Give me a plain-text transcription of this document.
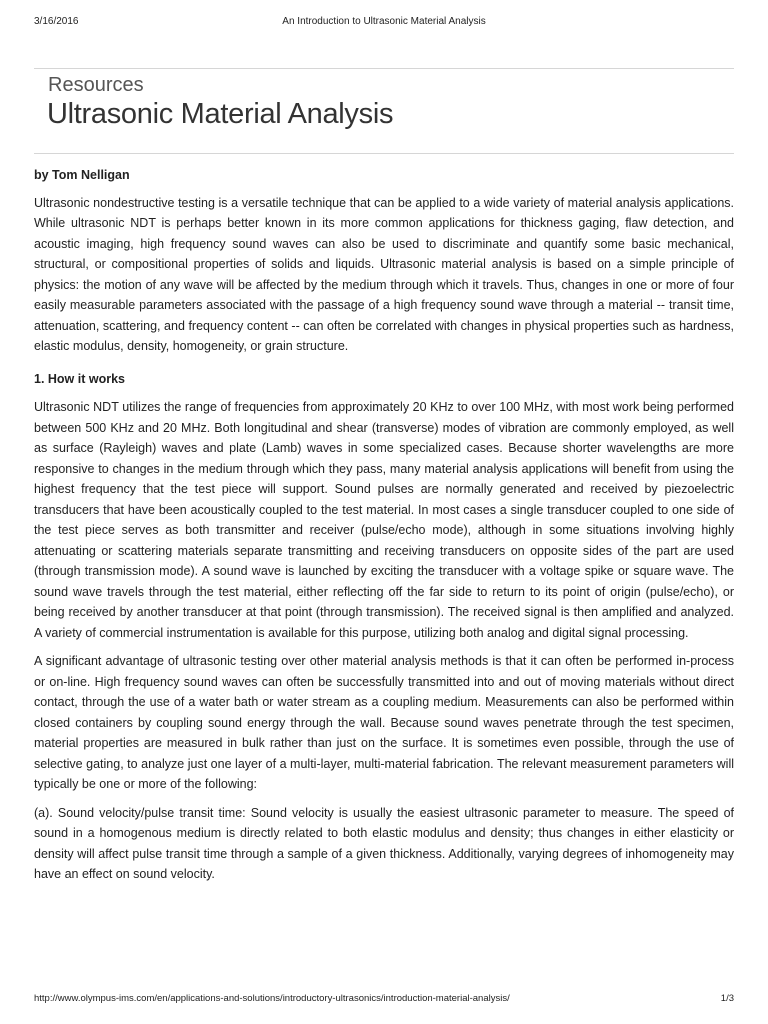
3/16/2016	An Introduction to Ultrasonic Material Analysis
Resources
Ultrasonic Material Analysis

by Tom Nelligan

Ultrasonic nondestructive testing is a versatile technique that can be applied to a wide variety of material analysis applications. While ultrasonic NDT is perhaps better known in its more common applications for thickness gaging, flaw detection, and acoustic imaging, high frequency sound waves can also be used to discriminate and quantify some basic mechanical, structural, or compositional properties of solids and liquids. Ultrasonic material analysis is based on a simple principle of physics: the motion of any wave will be affected by the medium through which it travels. Thus, changes in one or more of four easily measurable parameters associated with the passage of a high frequency sound wave through a material -- transit time, attenuation, scattering, and frequency content -- can often be correlated with changes in physical properties such as hardness, elastic modulus, density, homogeneity, or grain structure.

1. How it works

Ultrasonic NDT utilizes the range of frequencies from approximately 20 KHz to over 100 MHz, with most work being performed between 500 KHz and 20 MHz. Both longitudinal and shear (transverse) modes of vibration are commonly employed, as well as surface (Rayleigh) waves and plate (Lamb) waves in some specialized cases. Because shorter wavelengths are more responsive to changes in the medium through which they pass, many material analysis applications will benefit from using the highest frequency that the test piece will support. Sound pulses are normally generated and received by piezoelectric transducers that have been acoustically coupled to the test material. In most cases a single transducer coupled to one side of the test piece serves as both transmitter and receiver (pulse/echo mode), although in some situations involving highly attenuating or scattering materials separate transmitting and receiving transducers on opposite sides of the part are used (through transmission mode). A sound wave is launched by exciting the transducer with a voltage spike or square wave. The sound wave travels through the test material, either reflecting off the far side to return to its point of origin (pulse/echo), or being received by another transducer at that point (through transmission). The received signal is then amplified and analyzed. A variety of commercial instrumentation is available for this purpose, utilizing both analog and digital signal processing.

A significant advantage of ultrasonic testing over other material analysis methods is that it can often be performed in-process or on-line. High frequency sound waves can often be successfully transmitted into and out of moving materials without direct contact, through the use of a water bath or water stream as a coupling medium. Measurements can also be performed within closed containers by coupling sound energy through the wall. Because sound waves penetrate through the test specimen, material properties are measured in bulk rather than just on the surface. It is sometimes even possible, through the use of selective gating, to analyze just one layer of a multi-layer, multi-material fabrication. The relevant measurement parameters will typically be one or more of the following:

(a). Sound velocity/pulse transit time: Sound velocity is usually the easiest ultrasonic parameter to measure. The speed of sound in a homogenous medium is directly related to both elastic modulus and density; thus changes in either elasticity or density will affect pulse transit time through a sample of a given thickness. Additionally, varying degrees of inhomogeneity may have an effect on sound velocity.

http://www.olympus-ims.com/en/applications-and-solutions/introductory-ultrasonics/introduction-material-analysis/	1/3
